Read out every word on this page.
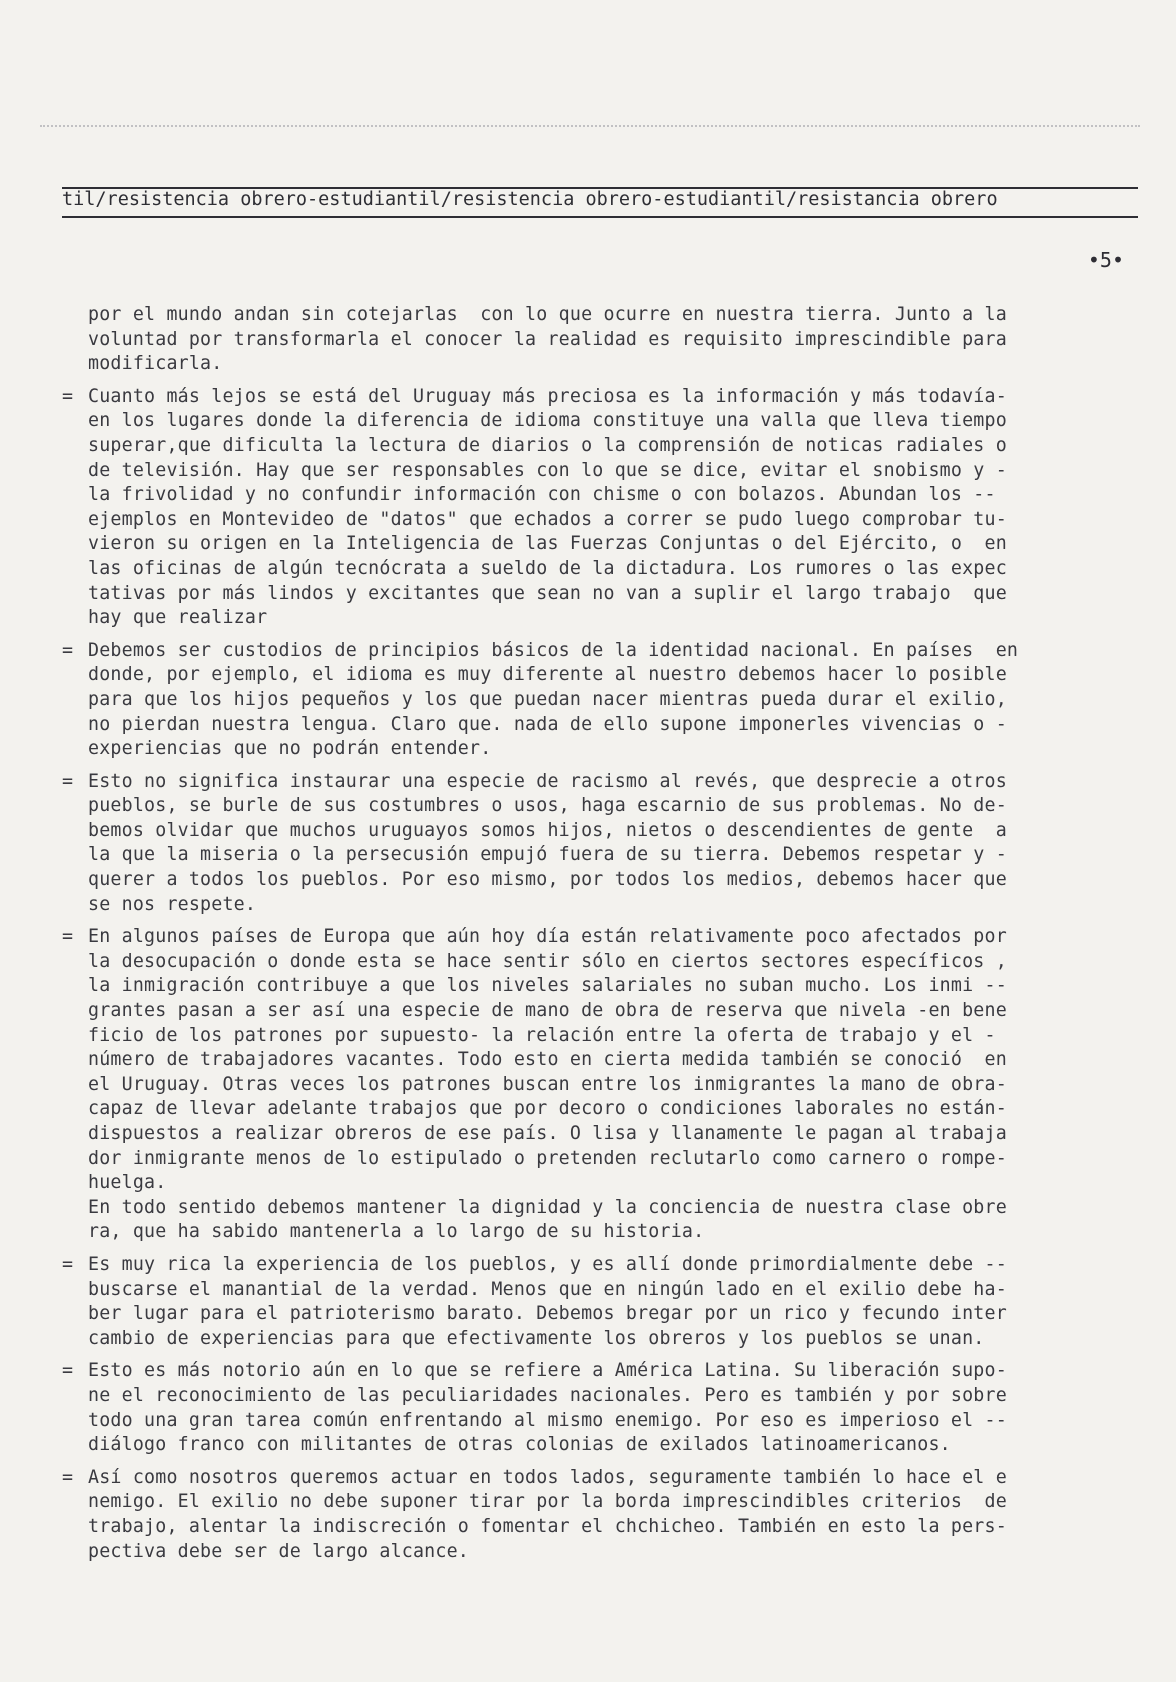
til/resistencia obrero-estudiantil/resistencia obrero-estudiantil/resistancia obrero
•5•
por el mundo andan sin cotejarlas  con lo que ocurre en nuestra tierra. Junto a la
voluntad por transformarla el conocer la realidad es requisito imprescindible para
modificarla.
= Cuanto más lejos se está del Uruguay más preciosa es la información y más todavía-
en los lugares donde la diferencia de idioma constituye una valla que lleva tiempo
superar,que dificulta la lectura de diarios o la comprensión de noticas radiales o
de televisión. Hay que ser responsables con lo que se dice, evitar el snobismo y -
la frivolidad y no confundir información con chisme o con bolazos. Abundan los --
ejemplos en Montevideo de "datos" que echados a correr se pudo luego comprobar tu-
vieron su origen en la Inteligencia de las Fuerzas Conjuntas o del Ejército, o  en
las oficinas de algún tecnócrata a sueldo de la dictadura. Los rumores o las expec
tativas por más lindos y excitantes que sean no van a suplir el largo trabajo  que
hay que realizar
= Debemos ser custodios de principios básicos de la identidad nacional. En países  en
donde, por ejemplo, el idioma es muy diferente al nuestro debemos hacer lo posible
para que los hijos pequeños y los que puedan nacer mientras pueda durar el exilio,
no pierdan nuestra lengua. Claro que. nada de ello supone imponerles vivencias o -
experiencias que no podrán entender.
= Esto no significa instaurar una especie de racismo al revés, que desprecie a otros
pueblos, se burle de sus costumbres o usos, haga escarnio de sus problemas. No de-
bemos olvidar que muchos uruguayos somos hijos, nietos o descendientes de gente  a
la que la miseria o la persecusión empujó fuera de su tierra. Debemos respetar y -
querer a todos los pueblos. Por eso mismo, por todos los medios, debemos hacer que
se nos respete.
= En algunos países de Europa que aún hoy día están relativamente poco afectados por
la desocupación o donde esta se hace sentir sólo en ciertos sectores específicos ,
la inmigración contribuye a que los niveles salariales no suban mucho. Los inmi --
grantes pasan a ser así una especie de mano de obra de reserva que nivela -en bene
ficio de los patrones por supuesto- la relación entre la oferta de trabajo y el -
número de trabajadores vacantes. Todo esto en cierta medida también se conoció  en
el Uruguay. Otras veces los patrones buscan entre los inmigrantes la mano de obra-
capaz de llevar adelante trabajos que por decoro o condiciones laborales no están-
dispuestos a realizar obreros de ese país. O lisa y llanamente le pagan al trabaja
dor inmigrante menos de lo estipulado o pretenden reclutarlo como carnero o rompe-
huelga.
En todo sentido debemos mantener la dignidad y la conciencia de nuestra clase obre
ra, que ha sabido mantenerla a lo largo de su historia.
= Es muy rica la experiencia de los pueblos, y es allí donde primordialmente debe --
buscarse el manantial de la verdad. Menos que en ningún lado en el exilio debe ha-
ber lugar para el patrioterismo barato. Debemos bregar por un rico y fecundo inter
cambio de experiencias para que efectivamente los obreros y los pueblos se unan.
= Esto es más notorio aún en lo que se refiere a América Latina. Su liberación supo-
ne el reconocimiento de las peculiaridades nacionales. Pero es también y por sobre
todo una gran tarea común enfrentando al mismo enemigo. Por eso es imperioso el --
diálogo franco con militantes de otras colonias de exilados latinoamericanos.
= Así como nosotros queremos actuar en todos lados, seguramente también lo hace el e
nemigo. El exilio no debe suponer tirar por la borda imprescindibles criterios  de
trabajo, alentar la indiscreción o fomentar el chchicheo. También en esto la pers-
pectiva debe ser de largo alcance.
